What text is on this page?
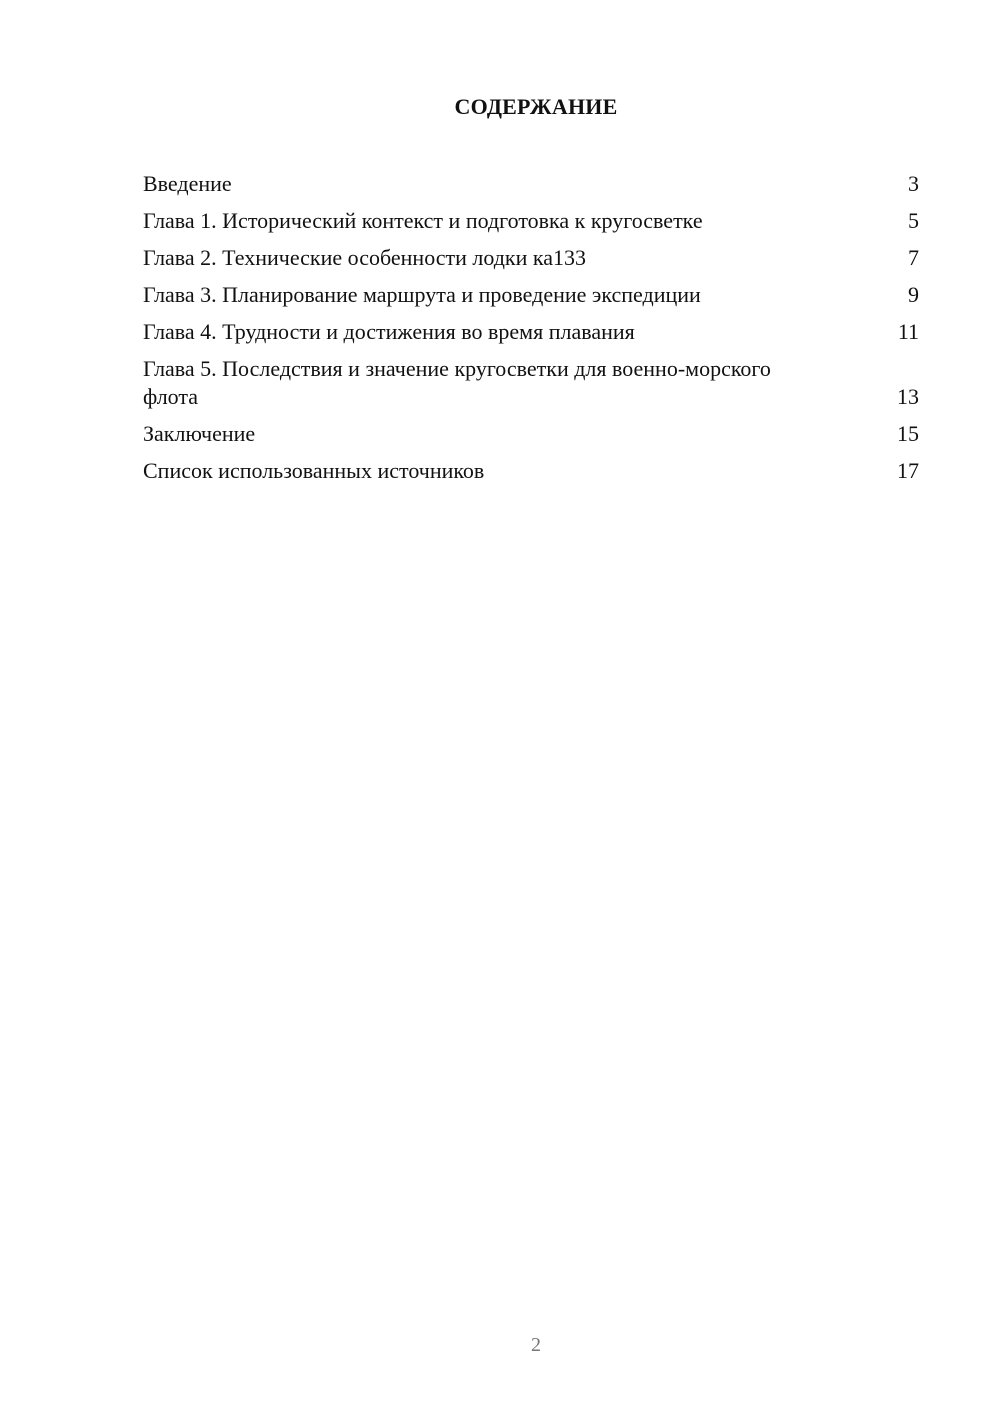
СОДЕРЖАНИЕ
Введение	3
Глава 1. Исторический контекст и подготовка к кругосветке	5
Глава 2. Технические особенности лодки ка133	7
Глава 3. Планирование маршрута и проведение экспедиции	9
Глава 4. Трудности и достижения во время плавания	11
Глава 5. Последствия и значение кругосветки для военно-морского флота	13
Заключение	15
Список использованных источников	17
2
